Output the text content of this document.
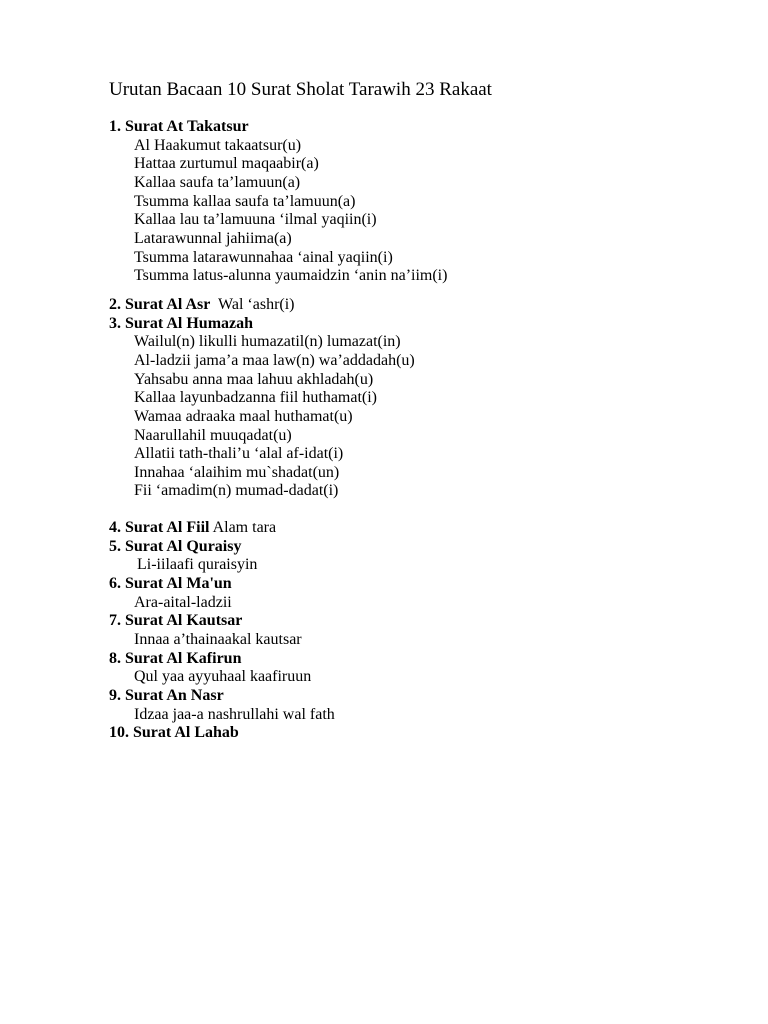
Urutan Bacaan 10 Surat Sholat Tarawih 23 Rakaat
1. Surat At Takatsur
Al Haakumut takaatsur(u)
Hattaa zurtumul maqaabir(a)
Kallaa saufa ta’lamuun(a)
Tsumma kallaa saufa ta’lamuun(a)
Kallaa lau ta’lamuuna ‘ilmal yaqiin(i)
Latarawunnal jahiima(a)
Tsumma latarawunnahaa ‘ainal yaqiin(i)
Tsumma latus-alunna yaumaidzin ‘anin na’iim(i)
2. Surat Al Asr  Wal ‘ashr(i)
3. Surat Al Humazah
Wailul(n) likulli humazatil(n) lumazat(in)
Al-ladzii jama’a maa law(n) wa’addadah(u)
Yahsabu anna maa lahuu akhladah(u)
Kallaa layunbadzanna fiil huthamat(i)
Wamaa adraaka maal huthamat(u)
Naarullahil muuqadat(u)
Allatii tath-thali’u ‘alal af-idat(i)
Innahaa ‘alaihim mu`shadat(un)
Fii ‘amadim(n) mumad-dadat(i)
4. Surat Al Fiil Alam tara
5. Surat Al Quraisy
Li-iilaafi quraisyin
6. Surat Al Ma'un
Ara-aital-ladzii
7. Surat Al Kautsar
Innaa a’thainaakal kautsar
8. Surat Al Kafirun
Qul yaa ayyuhaal kaafiruun
9. Surat An Nasr
Idzaa jaa-a nashrullahi wal fath
10. Surat Al Lahab
